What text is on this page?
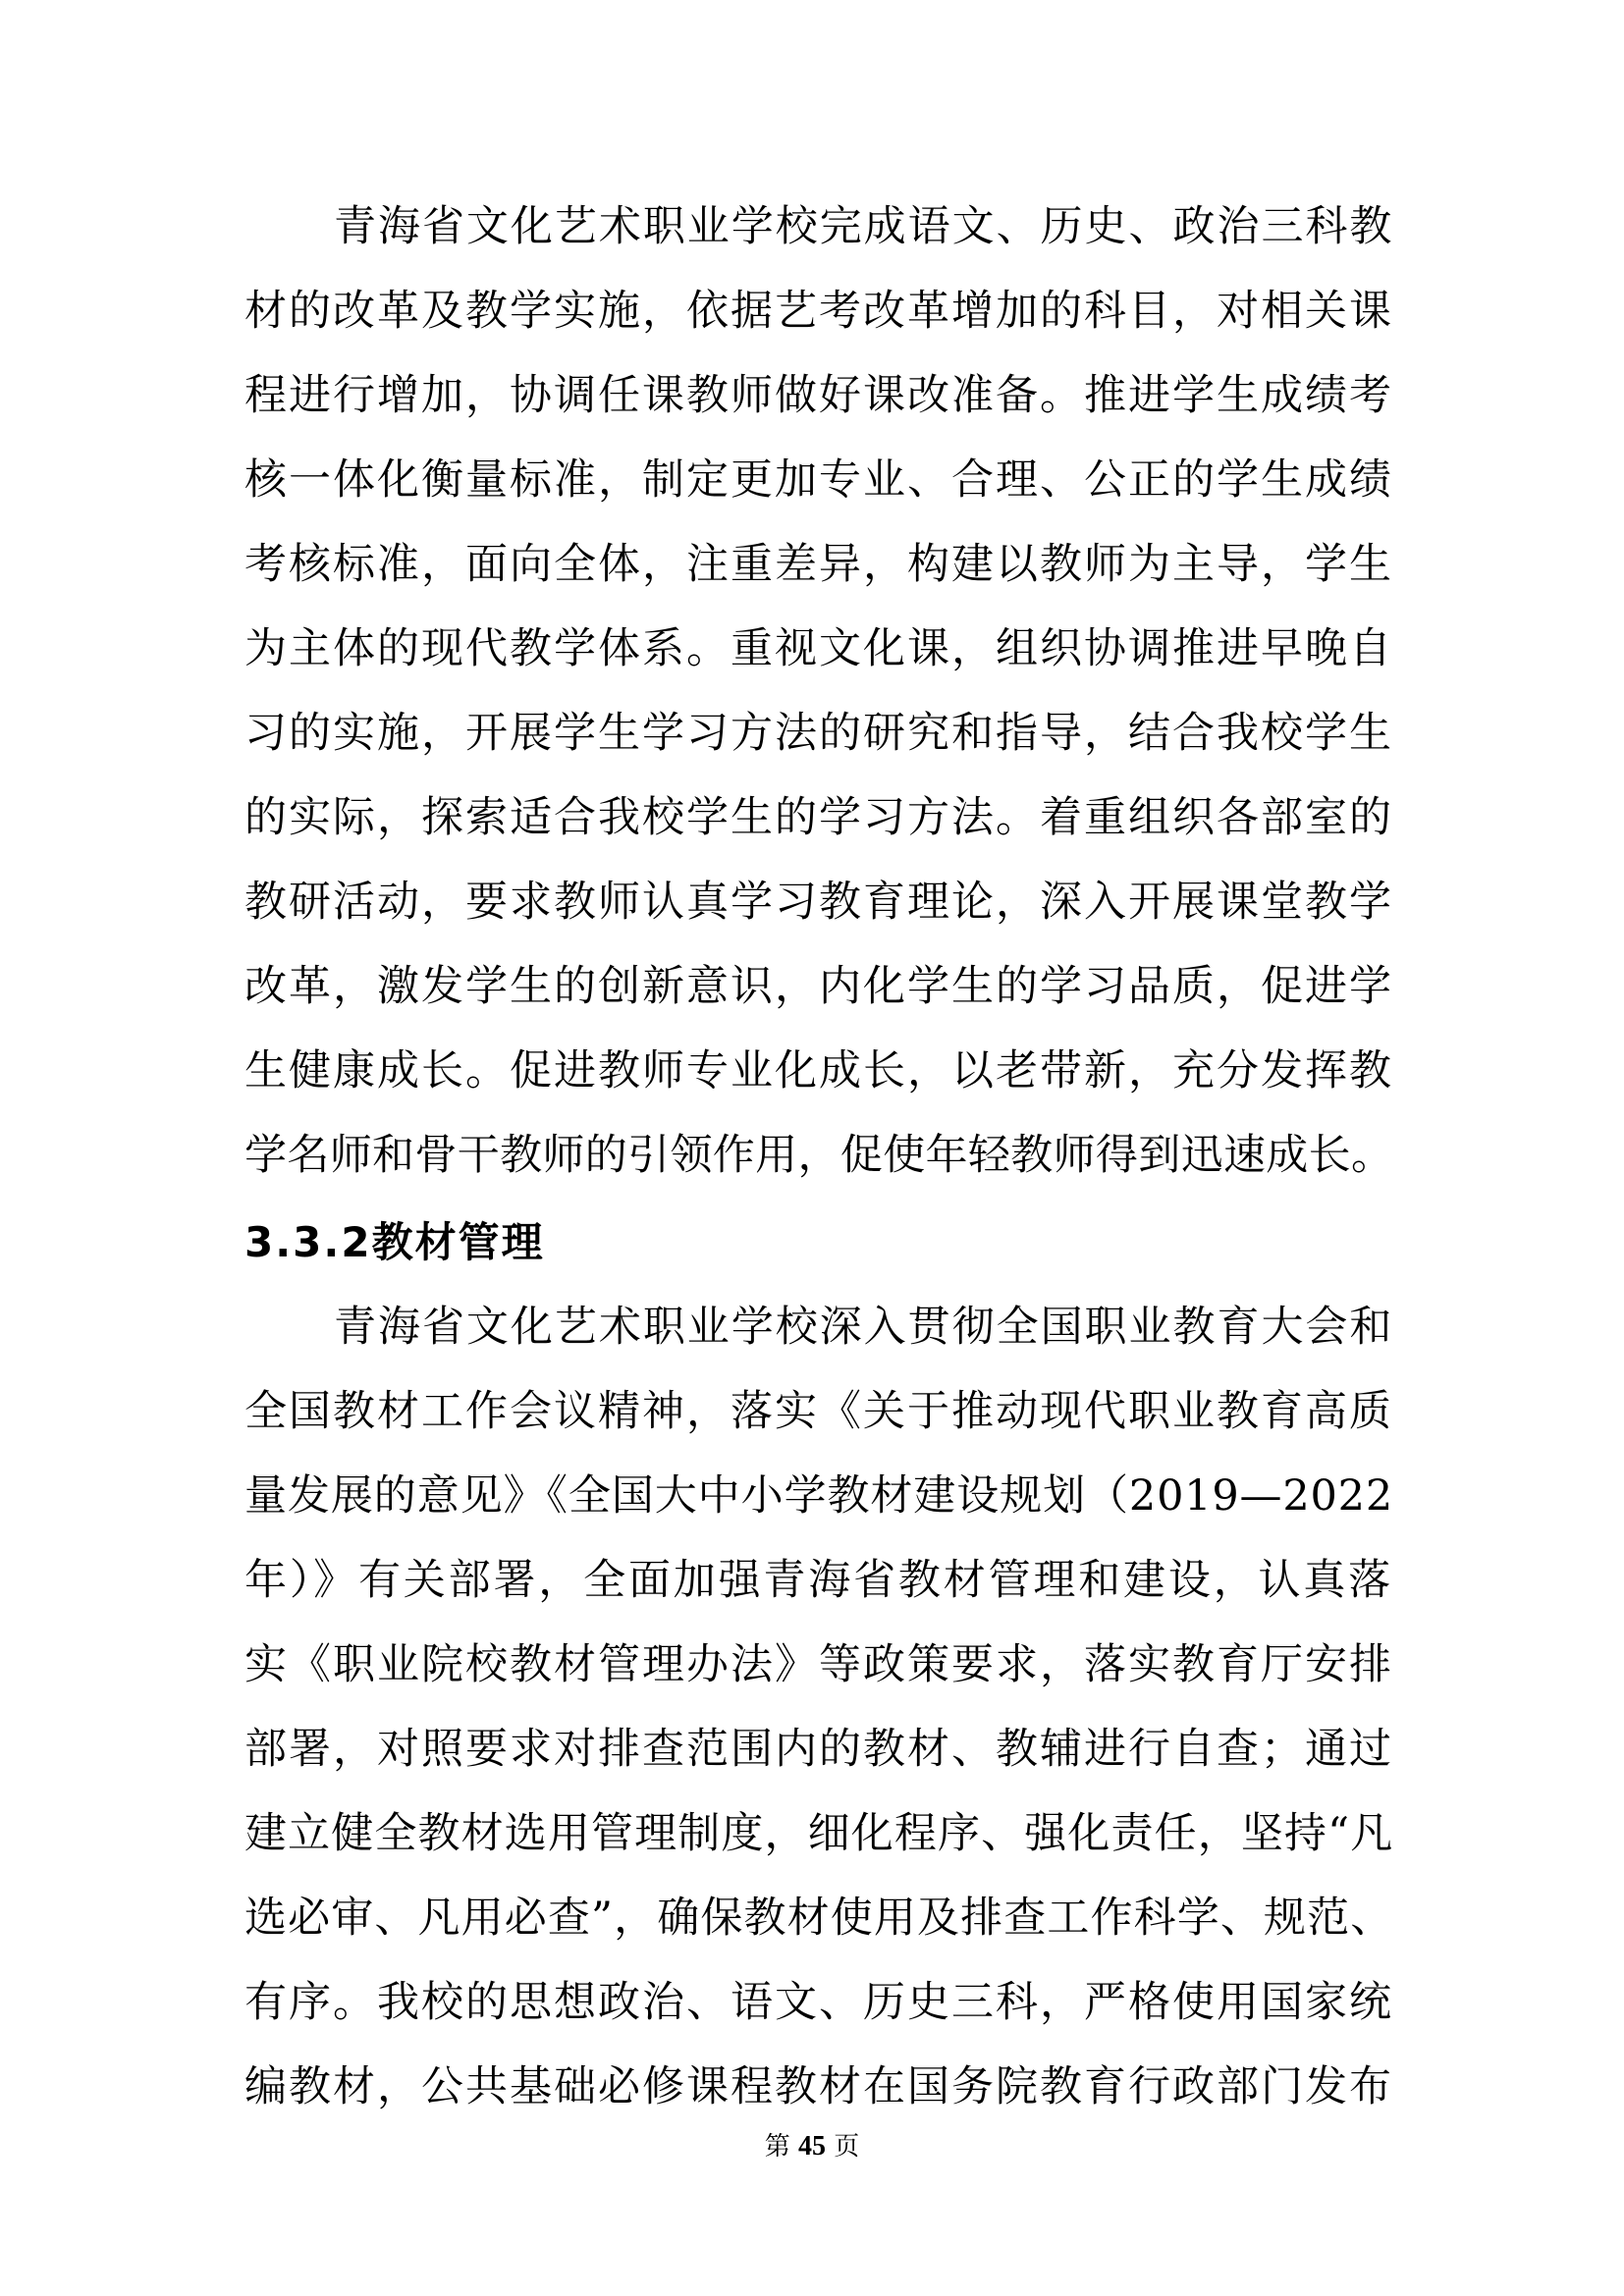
青海省文化艺术职业学校完成语文、历史、政治三科教
材的改革及教学实施，依据艺考改革增加的科目，对相关课
程进行增加，协调任课教师做好课改准备。推进学生成绩考
核一体化衡量标准，制定更加专业、合理、公正的学生成绩
考核标准，面向全体，注重差异，构建以教师为主导，学生
为主体的现代教学体系。重视文化课，组织协调推进早晚自
习的实施，开展学生学习方法的研究和指导，结合我校学生
的实际，探索适合我校学生的学习方法。着重组织各部室的
教研活动，要求教师认真学习教育理论，深入开展课堂教学
改革，激发学生的创新意识，内化学生的学习品质，促进学
生健康成长。促进教师专业化成长，以老带新，充分发挥教
学名师和骨干教师的引领作用，促使年轻教师得到迅速成长。
3.3.2教材管理
青海省文化艺术职业学校深入贯彻全国职业教育大会和
全国教材工作会议精神，落实《关于推动现代职业教育高质
量发展的意见》《全国大中小学教材建设规划（2019—2022
年）》有关部署，全面加强青海省教材管理和建设，认真落
实《职业院校教材管理办法》等政策要求，落实教育厅安排
部署，对照要求对排查范围内的教材、教辅进行自查；通过
建立健全教材选用管理制度，细化程序、强化责任，坚持“凡
选必审、凡用必查”，确保教材使用及排查工作科学、规范、
有序。我校的思想政治、语文、历史三科，严格使用国家统
编教材，公共基础必修课程教材在国务院教育行政部门发布
第 45 页
